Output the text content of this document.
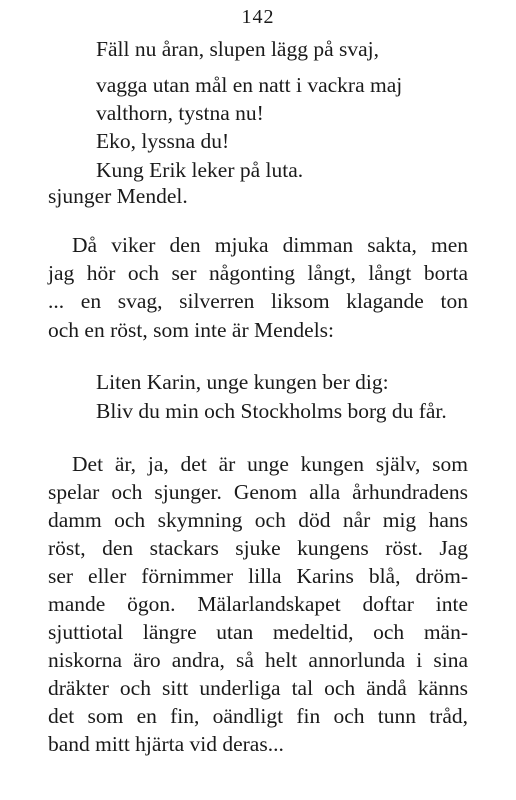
142
Fäll nu åran, slupen lägg på svaj,
vagga utan mål en natt i vackra maj
valthorn, tystna nu!
Eko, lyssna du!
Kung Erik leker på luta.
sjunger Mendel.
Då viker den mjuka dimman sakta, men
jag hör och ser någonting långt, långt borta
... en svag, silverren liksom klagande ton
och en röst, som inte är Mendels:
Liten Karin, unge kungen ber dig:
Bliv du min och Stockholms borg du får.
Det är, ja, det är unge kungen själv, som
spelar och sjunger. Genom alla århundradens
damm och skymning och död når mig hans
röst, den stackars sjuke kungens röst. Jag
ser eller förnimmer lilla Karins blå, dröm-
mande ögon. Mälarlandskapet doftar inte
sjuttiotal längre utan medeltid, och män-
niskorna äro andra, så helt annorlunda i sina
dräkter och sitt underliga tal och ändå känns
det som en fin, oändligt fin och tunn tråd,
band mitt hjärta vid deras...
